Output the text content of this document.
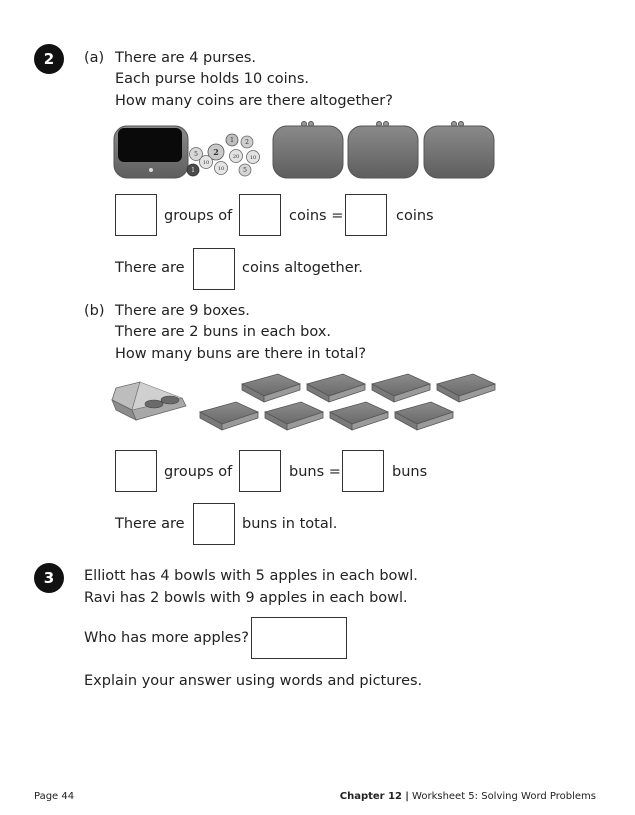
2	(a) There are 4 purses.
Each purse holds 10 coins.
How many coins are there altogether?
5 2
1
20
10
10
1
2
10
5
groups of	coins =	coins
There are	coins altogether.
(b) There are 9 boxes.
There are 2 buns in each box.
How many buns are there in total?
groups of	buns =	buns
There are	buns in total.
3	Elliott has 4 bowls with 5 apples in each bowl.
Ravi has 2 bowls with 9 apples in each bowl.
Who has more apples?
Explain your answer using words and pictures.
Page 44	Chapter 12 | Worksheet 5: Solving Word Problems
